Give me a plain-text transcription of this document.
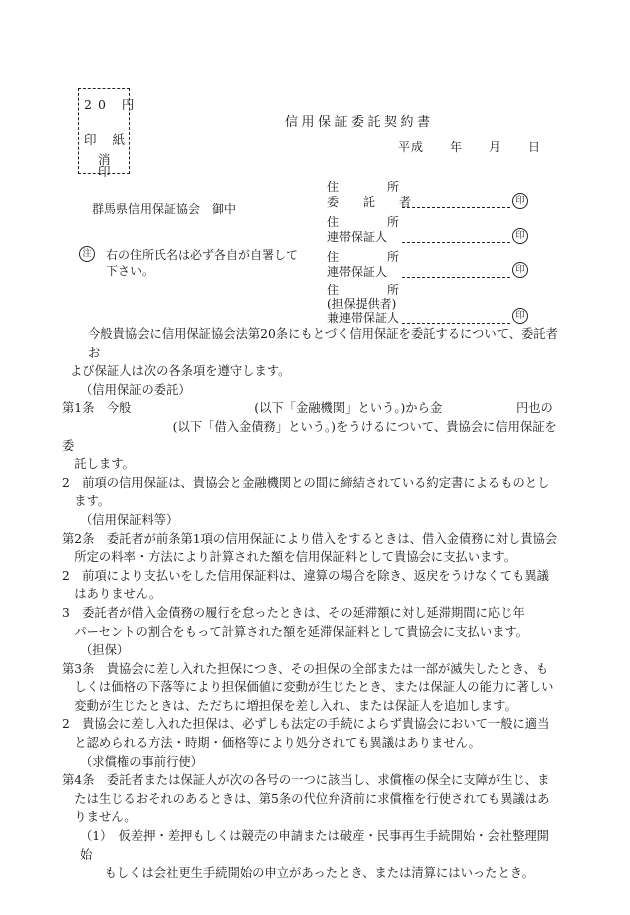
20 円
印 紙
消
印
信用保証委託契約書
平成　　年　　月　　日
群馬県信用保証協会　御中
注 右の住所氏名は必ず各自が自署して
下さい。
住　　　　所
委　　託　　者	印
住　　　　所
連帯保証人	印
住　　　　所
連帯保証人	印
住　　　　所
(担保提供者)
兼連帯保証人	印

今般貴協会に信用保証協会法第20条にもとづく信用保証を委託するについて、委託者お

よび保証人は次の各条項を遵守します。

（信用保証の委託）

第1条　今般　　　　　　　　　　(以下「金融機関」という。)から金　　　　　　円也の

　　　　　　　　　(以下「借入金債務」という。)をうけるについて、貴協会に信用保証を委

　託します。

2　前項の信用保証は、貴協会と金融機関との間に締結されている約定書によるものとし

　ます。

（信用保証料等）

第2条　委託者が前条第1項の信用保証により借入をするときは、借入金債務に対し貴協会

　所定の料率・方法により計算された額を信用保証料として貴協会に支払います。

2　前項により支払いをした信用保証料は、違算の場合を除き、返戻をうけなくても異議

　はありません。

3　委託者が借入金債務の履行を怠ったときは、その延滞額に対し延滞期間に応じ年

　パーセントの割合をもって計算された額を延滞保証料として貴協会に支払います。

（担保）

第3条　貴協会に差し入れた担保につき、その担保の全部または一部が滅失したとき、も

　しくは価格の下落等により担保価値に変動が生じたとき、または保証人の能力に著しい

　変動が生じたときは、ただちに増担保を差し入れ、または保証人を追加します。

2　貴協会に差し入れた担保は、必ずしも法定の手続によらず貴協会において一般に適当

　と認められる方法・時期・価格等により処分されても異議はありません。

（求償権の事前行使）

第4条　委託者または保証人が次の各号の一つに該当し、求償権の保全に支障が生じ、ま

　たは生じるおそれのあるときは、第5条の代位弁済前に求償権を行使されても異議はあ

　りません。

（1）　仮差押・差押もしくは競売の申請または破産・民事再生手続開始・会社整理開始

　　もしくは会社更生手続開始の申立があったとき、または清算にはいったとき。
